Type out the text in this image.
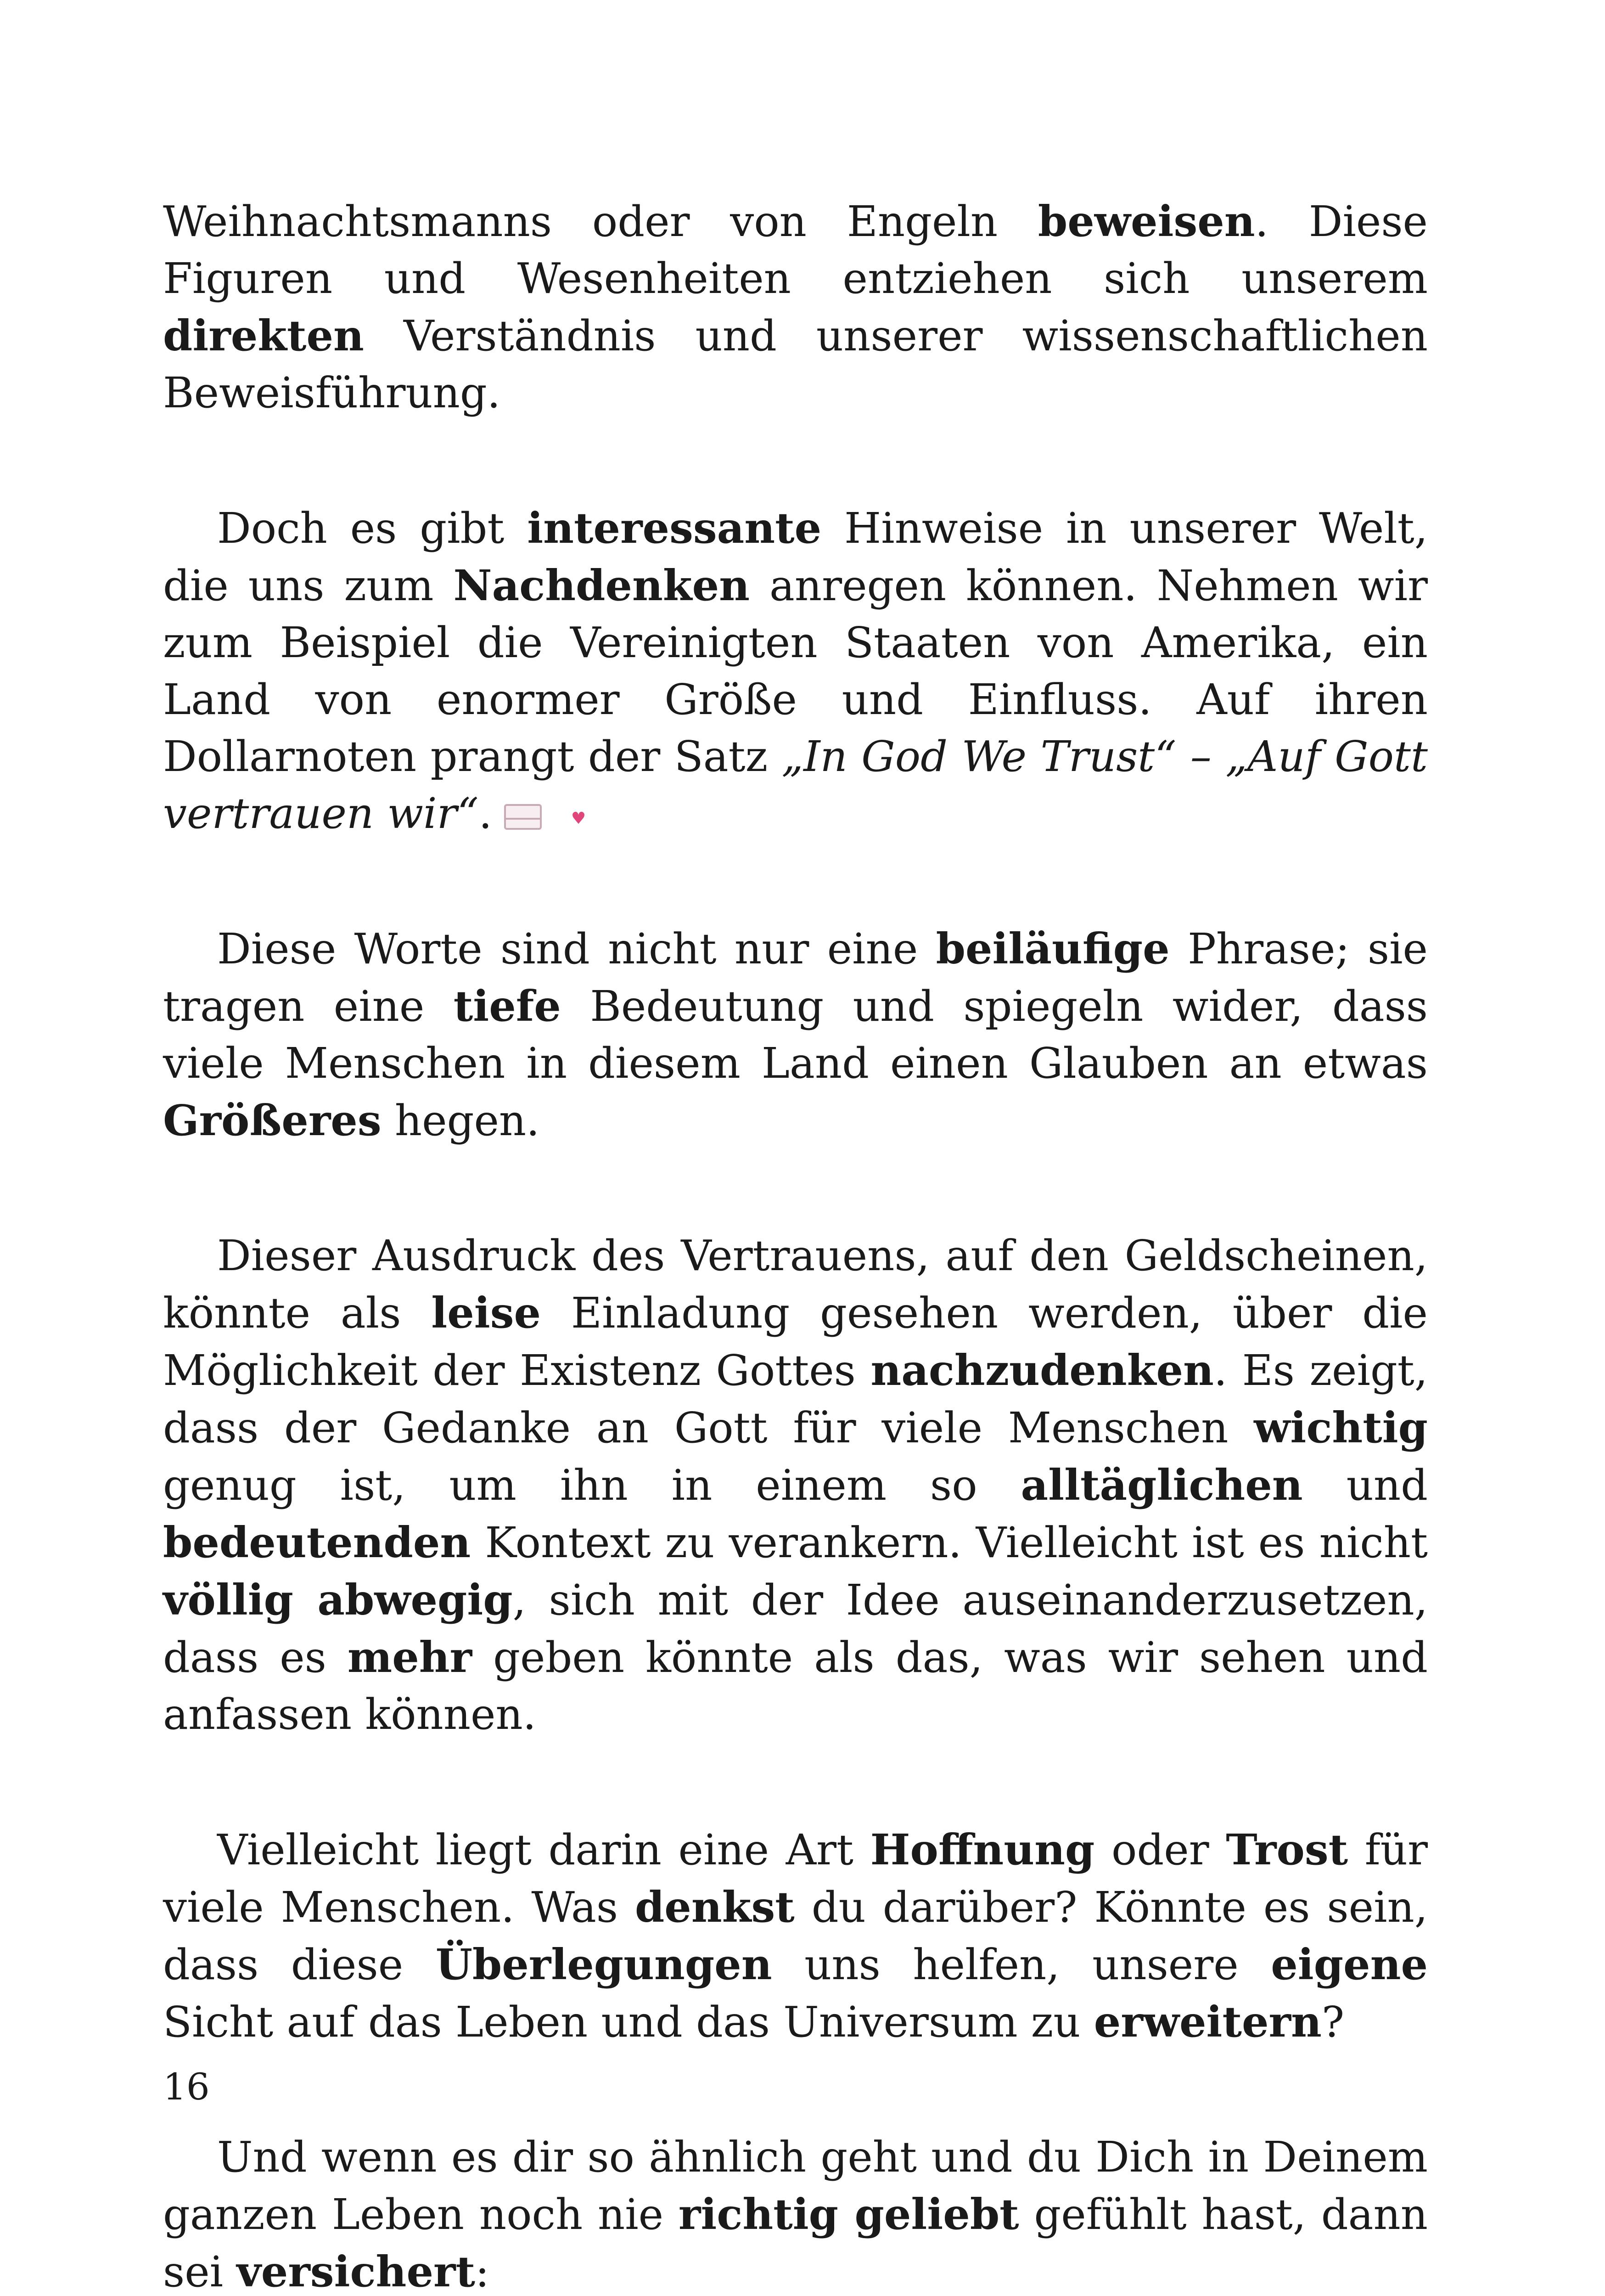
Weihnachtsmanns oder von Engeln beweisen. Diese Figuren und Wesenheiten entziehen sich unserem direkten Verständnis und unserer wissenschaftlichen Beweisführung.

Doch es gibt interessante Hinweise in unserer Welt, die uns zum Nachdenken anregen können. Nehmen wir zum Beispiel die Vereinigten Staaten von Amerika, ein Land von enormer Größe und Einfluss. Auf ihren Dollarnoten prangt der Satz „In God We Trust“ – „Auf Gott vertrauen wir“.	♥

Diese Worte sind nicht nur eine beiläufige Phrase; sie tragen eine tiefe Bedeutung und spiegeln wider, dass viele Menschen in diesem Land einen Glauben an etwas Größeres hegen.

Dieser Ausdruck des Vertrauens, auf den Geldscheinen, könnte als leise Einladung gesehen werden, über die Möglichkeit der Existenz Gottes nachzudenken. Es zeigt, dass der Gedanke an Gott für viele Menschen wichtig genug ist, um ihn in einem so alltäglichen und bedeutenden Kontext zu verankern. Vielleicht ist es nicht völlig abwegig, sich mit der Idee auseinanderzusetzen, dass es mehr geben könnte als das, was wir sehen und anfassen können.

Vielleicht liegt darin eine Art Hoffnung oder Trost für viele Menschen. Was denkst du darüber? Könnte es sein, dass diese Überlegungen uns helfen, unsere eigene Sicht auf das Leben und das Universum zu erweitern?

Und wenn es dir so ähnlich geht und du Dich in Deinem ganzen Leben noch nie richtig geliebt gefühlt hast, dann sei versichert:

16
